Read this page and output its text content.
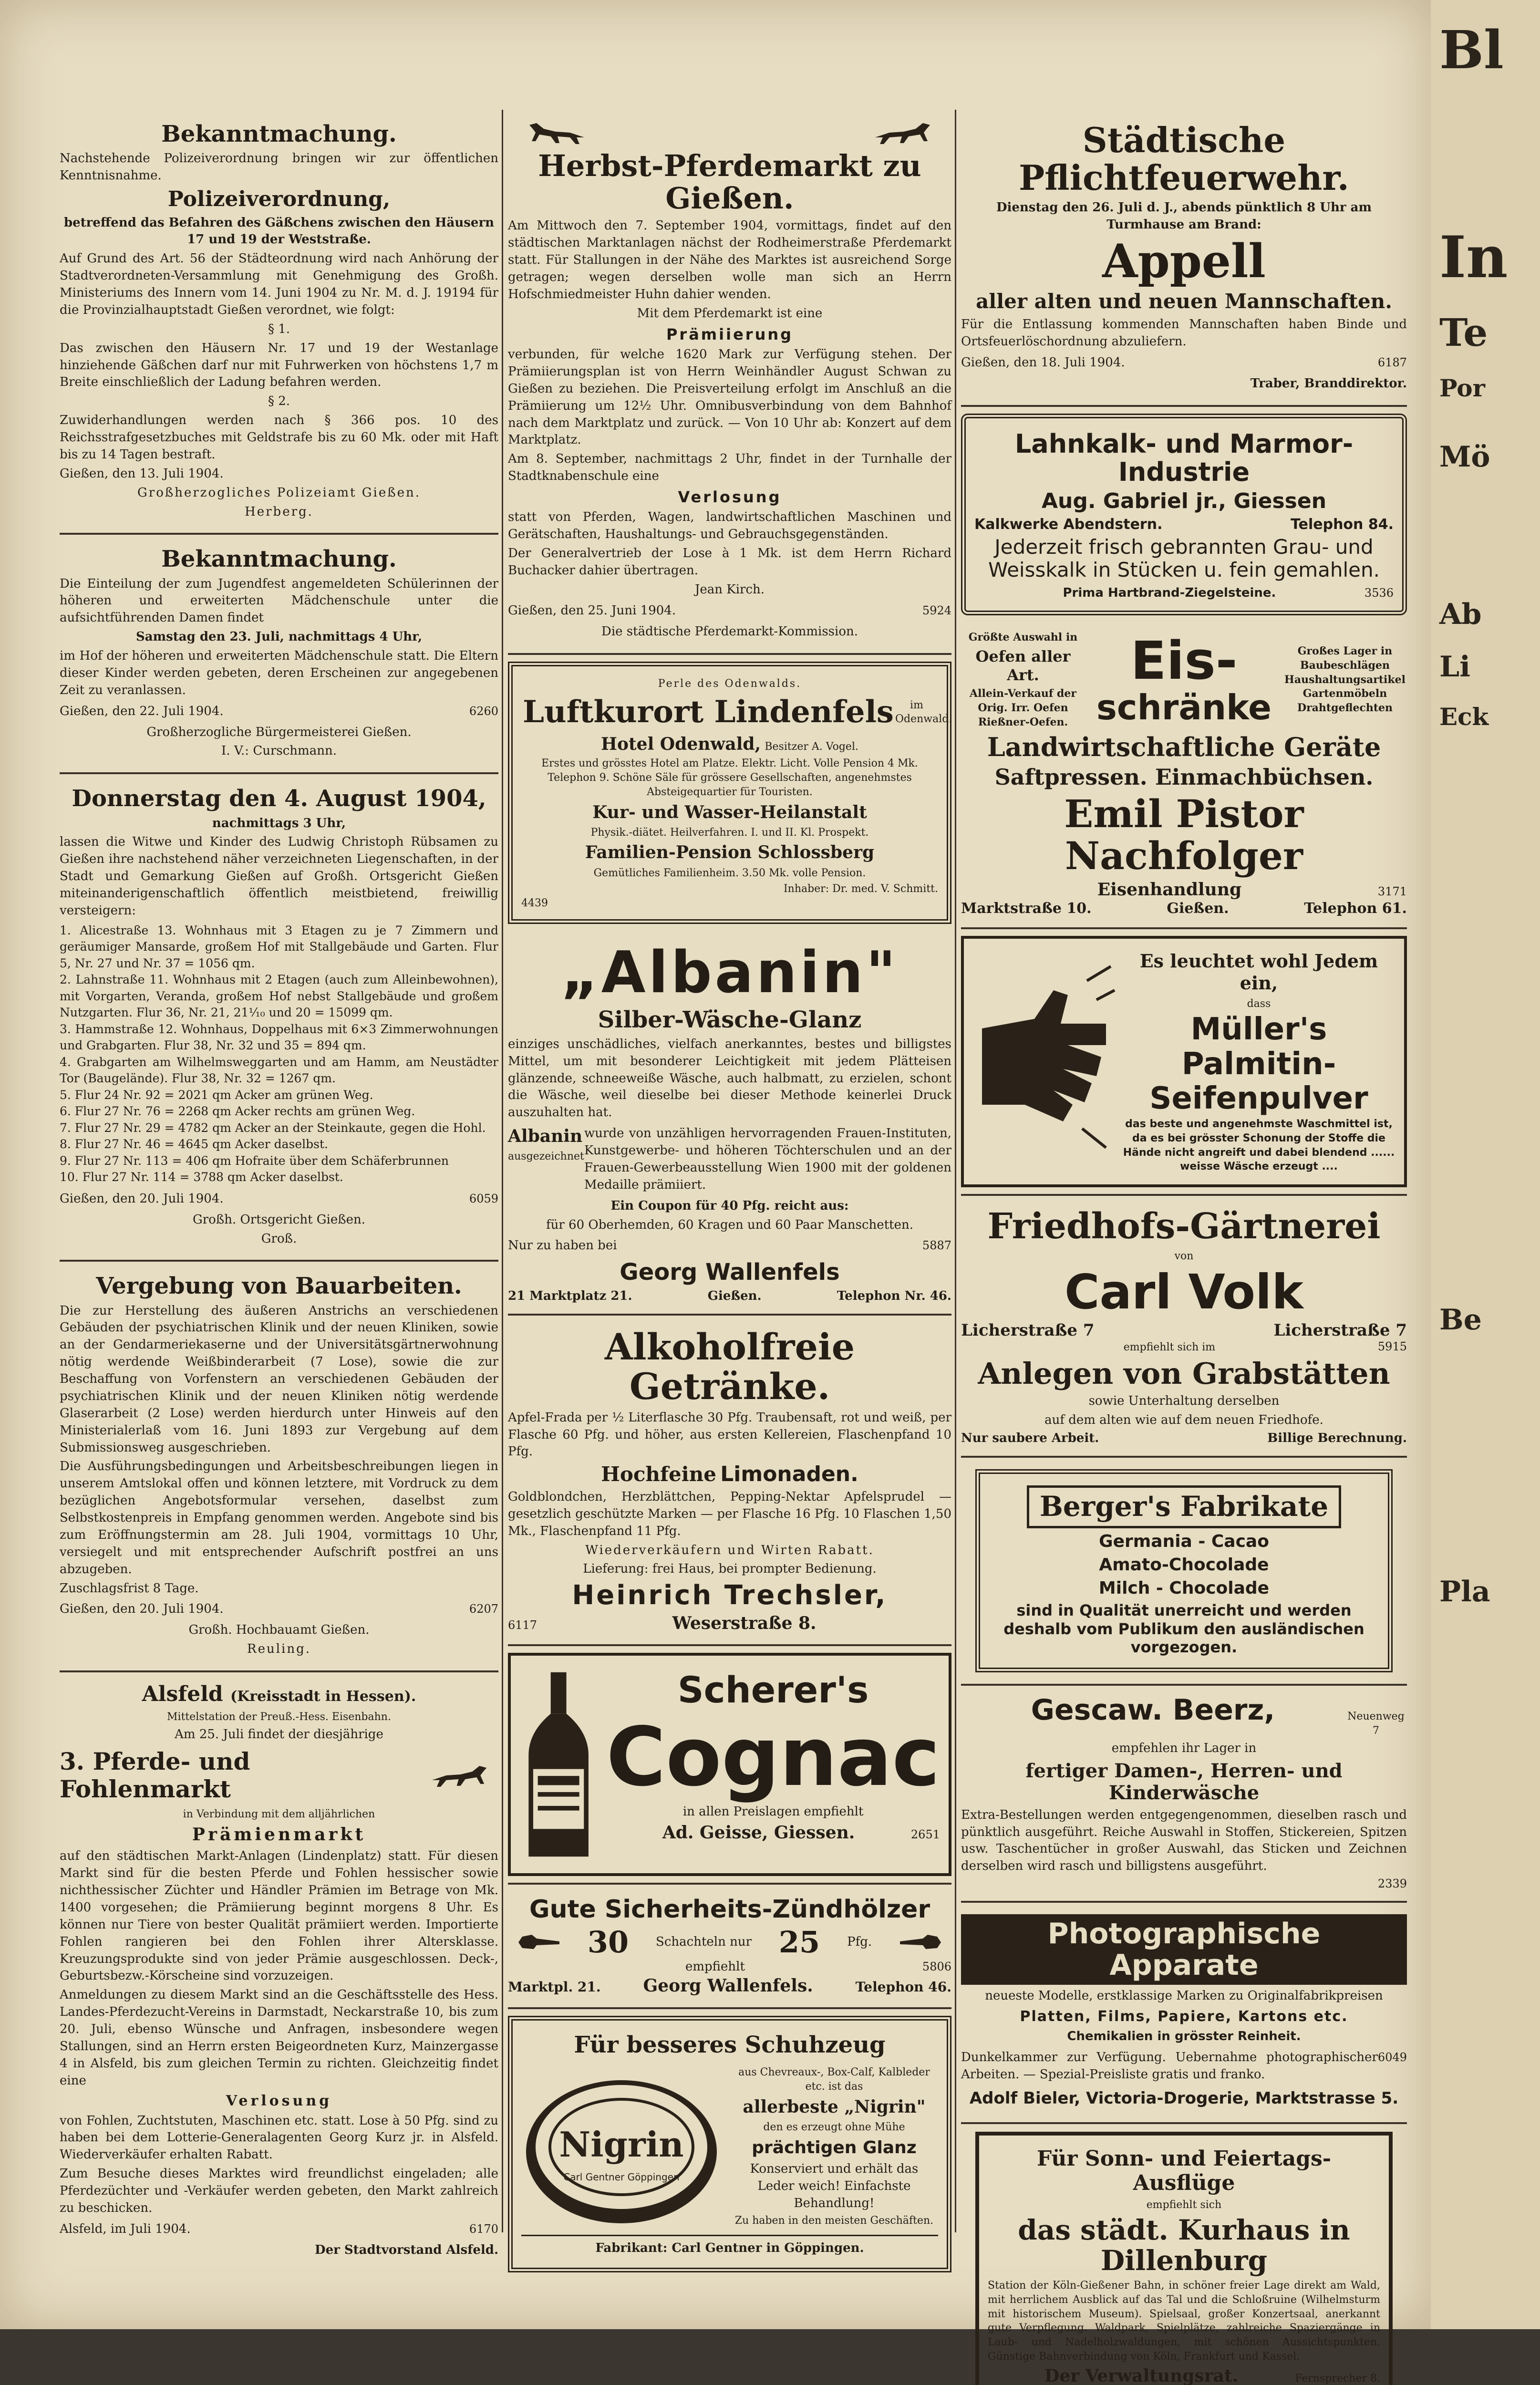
Bekanntmachung.
Nachstehende Polizeiverordnung bringen wir zur öffentlichen Kenntnisnahme.
Polizeiverordnung,
betreffend das Befahren des Gäßchens zwischen den Häusern 17 und 19 der Weststraße.
Auf Grund des Art. 56 der Städteordnung wird nach Anhörung der Stadtverordneten-Versammlung mit Genehmigung des Großh. Ministeriums des Innern vom 14. Juni 1904 zu Nr. M. d. J. 19194 für die Provinzialhauptstadt Gießen verordnet, wie folgt:
§ 1.
Das zwischen den Häusern Nr. 17 und 19 der Westanlage hinziehende Gäßchen darf nur mit Fuhrwerken von höchstens 1,7 m Breite einschließlich der Ladung befahren werden.
§ 2.
Zuwiderhandlungen werden nach § 366 pos. 10 des Reichsstrafgesetzbuches mit Geldstrafe bis zu 60 Mk. oder mit Haft bis zu 14 Tagen bestraft.
Gießen, den 13. Juli 1904.
Großherzogliches Polizeiamt Gießen.
Herberg.
Bekanntmachung.
Die Einteilung der zum Jugendfest angemeldeten Schülerinnen der höheren und erweiterten Mädchenschule unter die aufsichtführenden Damen findet
Samstag den 23. Juli, nachmittags 4 Uhr,
im Hof der höheren und erweiterten Mädchenschule statt. Die Eltern dieser Kinder werden gebeten, deren Erscheinen zur angegebenen Zeit zu veranlassen.
Gießen, den 22. Juli 1904.	6260
Großherzogliche Bürgermeisterei Gießen.
I. V.: Curschmann.
Donnerstag den 4. August 1904,
nachmittags 3 Uhr,
lassen die Witwe und Kinder des Ludwig Christoph Rübsamen zu Gießen ihre nachstehend näher verzeichneten Liegenschaften, in der Stadt und Gemarkung Gießen auf Großh. Ortsgericht Gießen miteinanderigenschaftlich öffentlich meistbietend, freiwillig versteigern:
1. Alicestraße 13. Wohnhaus mit 3 Etagen zu je 7 Zimmern und geräumiger Mansarde, großem Hof mit Stallgebäude und Garten. Flur 5, Nr. 27 und Nr. 37 = 1056 qm.
2. Lahnstraße 11. Wohnhaus mit 2 Etagen (auch zum Alleinbewohnen), mit Vorgarten, Veranda, großem Hof nebst Stallgebäude und großem Nutzgarten. Flur 36, Nr. 21, 21¹⁄₁₀ und 20 = 15099 qm.
3. Hammstraße 12. Wohnhaus, Doppelhaus mit 6×3 Zimmerwohnungen und Grabgarten. Flur 38, Nr. 32 und 35 = 894 qm.
4. Grabgarten am Wilhelmsweggarten und am Hamm, am Neustädter Tor (Baugelände). Flur 38, Nr. 32 = 1267 qm.
5. Flur 24 Nr. 92 = 2021 qm Acker am grünen Weg.
6. Flur 27 Nr. 76 = 2268 qm Acker rechts am grünen Weg.
7. Flur 27 Nr. 29 = 4782 qm Acker an der Steinkaute, gegen die Hohl.
8. Flur 27 Nr. 46 = 4645 qm Acker daselbst.
9. Flur 27 Nr. 113 = 406 qm Hofraite über dem Schäferbrunnen
10. Flur 27 Nr. 114 = 3788 qm Acker daselbst.
Gießen, den 20. Juli 1904.	6059
Großh. Ortsgericht Gießen.
Groß.
Vergebung von Bauarbeiten.
Die zur Herstellung des äußeren Anstrichs an verschiedenen Gebäuden der psychiatrischen Klinik und der neuen Kliniken, sowie an der Gendarmeriekaserne und der Universitätsgärtnerwohnung nötig werdende Weißbinderarbeit (7 Lose), sowie die zur Beschaffung von Vorfenstern an verschiedenen Gebäuden der psychiatrischen Klinik und der neuen Kliniken nötig werdende Glaserarbeit (2 Lose) werden hierdurch unter Hinweis auf den Ministerialerlaß vom 16. Juni 1893 zur Vergebung auf dem Submissionsweg ausgeschrieben.
Die Ausführungsbedingungen und Arbeitsbeschreibungen liegen in unserem Amtslokal offen und können letztere, mit Vordruck zu dem bezüglichen Angebotsformular versehen, daselbst zum Selbstkostenpreis in Empfang genommen werden. Angebote sind bis zum Eröffnungstermin am 28. Juli 1904, vormittags 10 Uhr, versiegelt und mit entsprechender Aufschrift postfrei an uns abzugeben.
Zuschlagsfrist 8 Tage.
Gießen, den 20. Juli 1904.	6207
Großh. Hochbauamt Gießen.
Reuling.
Alsfeld (Kreisstadt in Hessen).
Mittelstation der Preuß.-Hess. Eisenbahn.
Am 25. Juli findet der diesjährige
3. Pferde- und Fohlenmarkt
in Verbindung mit dem alljährlichen
Prämienmarkt
auf den städtischen Markt-Anlagen (Lindenplatz) statt. Für diesen Markt sind für die besten Pferde und Fohlen hessischer sowie nichthessischer Züchter und Händler Prämien im Betrage von Mk. 1400 vorgesehen; die Prämiierung beginnt morgens 8 Uhr. Es können nur Tiere von bester Qualität prämiiert werden. Importierte Fohlen rangieren bei den Fohlen ihrer Altersklasse. Kreuzungsprodukte sind von jeder Prämie ausgeschlossen. Deck-, Geburtsbezw.-Körscheine sind vorzuzeigen.
Anmeldungen zu diesem Markt sind an die Geschäftsstelle des Hess. Landes-Pferdezucht-Vereins in Darmstadt, Neckarstraße 10, bis zum 20. Juli, ebenso Wünsche und Anfragen, insbesondere wegen Stallungen, sind an Herrn ersten Beigeordneten Kurz, Mainzergasse 4 in Alsfeld, bis zum gleichen Termin zu richten. Gleichzeitig findet eine
Verlosung
von Fohlen, Zuchtstuten, Maschinen etc. statt. Lose à 50 Pfg. sind zu haben bei dem Lotterie-Generalagenten Georg Kurz jr. in Alsfeld. Wiederverkäufer erhalten Rabatt.
Zum Besuche dieses Marktes wird freundlichst eingeladen; alle Pferdezüchter und -Verkäufer werden gebeten, den Markt zahlreich zu beschicken.
Alsfeld, im Juli 1904.	6170
Der Stadtvorstand Alsfeld.
Herbst-Pferdemarkt zu Gießen.
Am Mittwoch den 7. September 1904, vormittags, findet auf den städtischen Marktanlagen nächst der Rodheimerstraße Pferdemarkt statt. Für Stallungen in der Nähe des Marktes ist ausreichend Sorge getragen; wegen derselben wolle man sich an Herrn Hofschmiedmeister Huhn dahier wenden.
Mit dem Pferdemarkt ist eine
Prämiierung
verbunden, für welche 1620 Mark zur Verfügung stehen. Der Prämiierungsplan ist von Herrn Weinhändler August Schwan zu Gießen zu beziehen. Die Preisverteilung erfolgt im Anschluß an die Prämiierung um 12½ Uhr. Omnibusverbindung von dem Bahnhof nach dem Marktplatz und zurück. — Von 10 Uhr ab: Konzert auf dem Marktplatz.
Am 8. September, nachmittags 2 Uhr, findet in der Turnhalle der Stadtknabenschule eine
Verlosung
statt von Pferden, Wagen, landwirtschaftlichen Maschinen und Gerätschaften, Haushaltungs- und Gebrauchsgegenständen.
Der Generalvertrieb der Lose à 1 Mk. ist dem Herrn Richard Buchacker dahier übertragen.
Jean Kirch.
Gießen, den 25. Juni 1904.	5924
Die städtische Pferdemarkt-Kommission.
Perle des Odenwalds.
Luftkurort Lindenfels	im Odenwald.
Hotel Odenwald, Besitzer A. Vogel.
Erstes und grösstes Hotel am Platze. Elektr. Licht. Volle Pension 4 Mk. Telephon 9. Schöne Säle für grössere Gesellschaften, angenehmstes Absteigequartier für Touristen.
Kur- und Wasser-Heilanstalt
Physik.-diätet. Heilverfahren. I. und II. Kl. Prospekt.
Familien-Pension Schlossberg
Gemütliches Familienheim. 3.50 Mk. volle Pension.
Inhaber: Dr. med. V. Schmitt.
4439
„Albanin"
Silber-Wäsche-Glanz
einziges unschädliches, vielfach anerkanntes, bestes und billigstes Mittel, um mit besonderer Leichtigkeit mit jedem Plätteisen glänzende, schneeweiße Wäsche, auch halbmatt, zu erzielen, schont die Wäsche, weil dieselbe bei dieser Methode keinerlei Druck auszuhalten hat.
Albanin
ausgezeichnet
wurde von unzähligen hervorragenden Frauen-Instituten, Kunstgewerbe- und höheren Töchterschulen und an der Frauen-Gewerbeausstellung Wien 1900 mit der goldenen Medaille prämiiert.
Ein Coupon für 40 Pfg. reicht aus:
für 60 Oberhemden, 60 Kragen und 60 Paar Manschetten.
Nur zu haben bei	5887
Georg Wallenfels
21 Marktplatz 21.	Gießen.	Telephon Nr. 46.
Alkoholfreie Getränke.
Apfel-Frada per ½ Literflasche 30 Pfg. Traubensaft, rot und weiß, per Flasche 60 Pfg. und höher, aus ersten Kellereien, Flaschenpfand 10 Pfg.
Hochfeine Limonaden.
Goldblondchen, Herzblättchen, Pepping-Nektar Apfelsprudel — gesetzlich geschützte Marken — per Flasche 16 Pfg. 10 Flaschen 1,50 Mk., Flaschenpfand 11 Pfg.
Wiederverkäufern und Wirten Rabatt.
Lieferung: frei Haus, bei prompter Bedienung.
Heinrich Trechsler,
6117	Weserstraße 8.
Scherer's
Cognac
in allen Preislagen empfiehlt
Ad. Geisse, Giessen.	2651
Gute Sicherheits-Zündhölzer
30 Schachteln nur 25 Pfg.
empfiehlt	5806
Marktpl. 21. Georg Wallenfels.	Telephon 46.
Für besseres Schuhzeug
Nigrin
Carl Gentner Göppingen
aus Chevreaux-, Box-Calf, Kalbleder etc. ist das
allerbeste „Nigrin"
den es erzeugt ohne Mühe
prächtigen Glanz
Konserviert und erhält das Leder weich! Einfachste Behandlung!
Zu haben in den meisten Geschäften.
Fabrikant: Carl Gentner in Göppingen.
Städtische Pflichtfeuerwehr.
Dienstag den 26. Juli d. J., abends pünktlich 8 Uhr am Turmhause am Brand:
Appell
aller alten und neuen Mannschaften.
Für die Entlassung kommenden Mannschaften haben Binde und Ortsfeuerlöschordnung abzuliefern.
Gießen, den 18. Juli 1904.	6187
Traber, Branddirektor.
Lahnkalk- und Marmor-Industrie
Aug. Gabriel jr., Giessen
Kalkwerke Abendstern.	Telephon 84.
Jederzeit frisch gebrannten Grau- und Weisskalk in Stücken u. fein gemahlen.
Prima Hartbrand-Ziegelsteine.	3536
Größte Auswahl in
Oefen aller Art.
Allein-Verkauf der
Orig. Irr. Oefen
Rießner-Oefen.
Eis-
schränke
Großes Lager in
Baubeschlägen
Haushaltungsartikel
Gartenmöbeln
Drahtgeflechten
Landwirtschaftliche Geräte
Saftpressen. Einmachbüchsen.
Emil Pistor Nachfolger
Eisenhandlung	3171
Marktstraße 10.	Gießen.	Telephon 61.
Es leuchtet wohl Jedem ein,
dass
Müller's
Palmitin-
Seifenpulver
das beste und angenehmste Waschmittel ist, da es bei grösster Schonung der Stoffe die Hände nicht angreift und dabei blendend ...... weisse Wäsche erzeugt ....
Friedhofs-Gärtnerei
von
Carl Volk
Licherstraße 7	Licherstraße 7
empfiehlt sich im	5915
Anlegen von Grabstätten
sowie Unterhaltung derselben
auf dem alten wie auf dem neuen Friedhofe.
Nur saubere Arbeit.	Billige Berechnung.
Berger's Fabrikate
Germania - Cacao
Amato-Chocolade
Milch - Chocolade
sind in Qualität unerreicht und werden deshalb vom Publikum den ausländischen vorgezogen.
Gescaw. Beerz,	Neuenweg 7
empfehlen ihr Lager in
fertiger Damen-, Herren- und Kinderwäsche
Extra-Bestellungen werden entgegengenommen, dieselben rasch und pünktlich ausgeführt. Reiche Auswahl in Stoffen, Stickereien, Spitzen usw. Taschentücher in großer Auswahl, das Sticken und Zeichnen derselben wird rasch und billigstens ausgeführt.
2339
Photographische Apparate
neueste Modelle, erstklassige Marken zu Originalfabrikpreisen
Platten, Films, Papiere, Kartons etc.
Chemikalien in grösster Reinheit.
Dunkelkammer zur Verfügung. Uebernahme photographischer Arbeiten. — Spezial-Preisliste gratis und franko.
6049
Adolf Bieler, Victoria-Drogerie, Marktstrasse 5.
Für Sonn- und Feiertags-Ausflüge
empfiehlt sich
das städt. Kurhaus in Dillenburg
Station der Köln-Gießener Bahn, in schöner freier Lage direkt am Wald, mit herrlichem Ausblick auf das Tal und die Schloßruine (Wilhelmsturm mit historischem Museum). Spielsaal, großer Konzertsaal, anerkannt gute Verpflegung. Waldpark, Spielplätze, zahlreiche Spaziergänge in Laub- und Nadelholzwaldungen, mit schönen Aussichtspunkten. Günstige Bahnverbindung von Köln, Frankfurt und Kassel.
Der Verwaltungsrat.	Fernsprecher 8.
Bl
In
Te
Por
Mö
Ab
Li
Eck
Be
Pla
